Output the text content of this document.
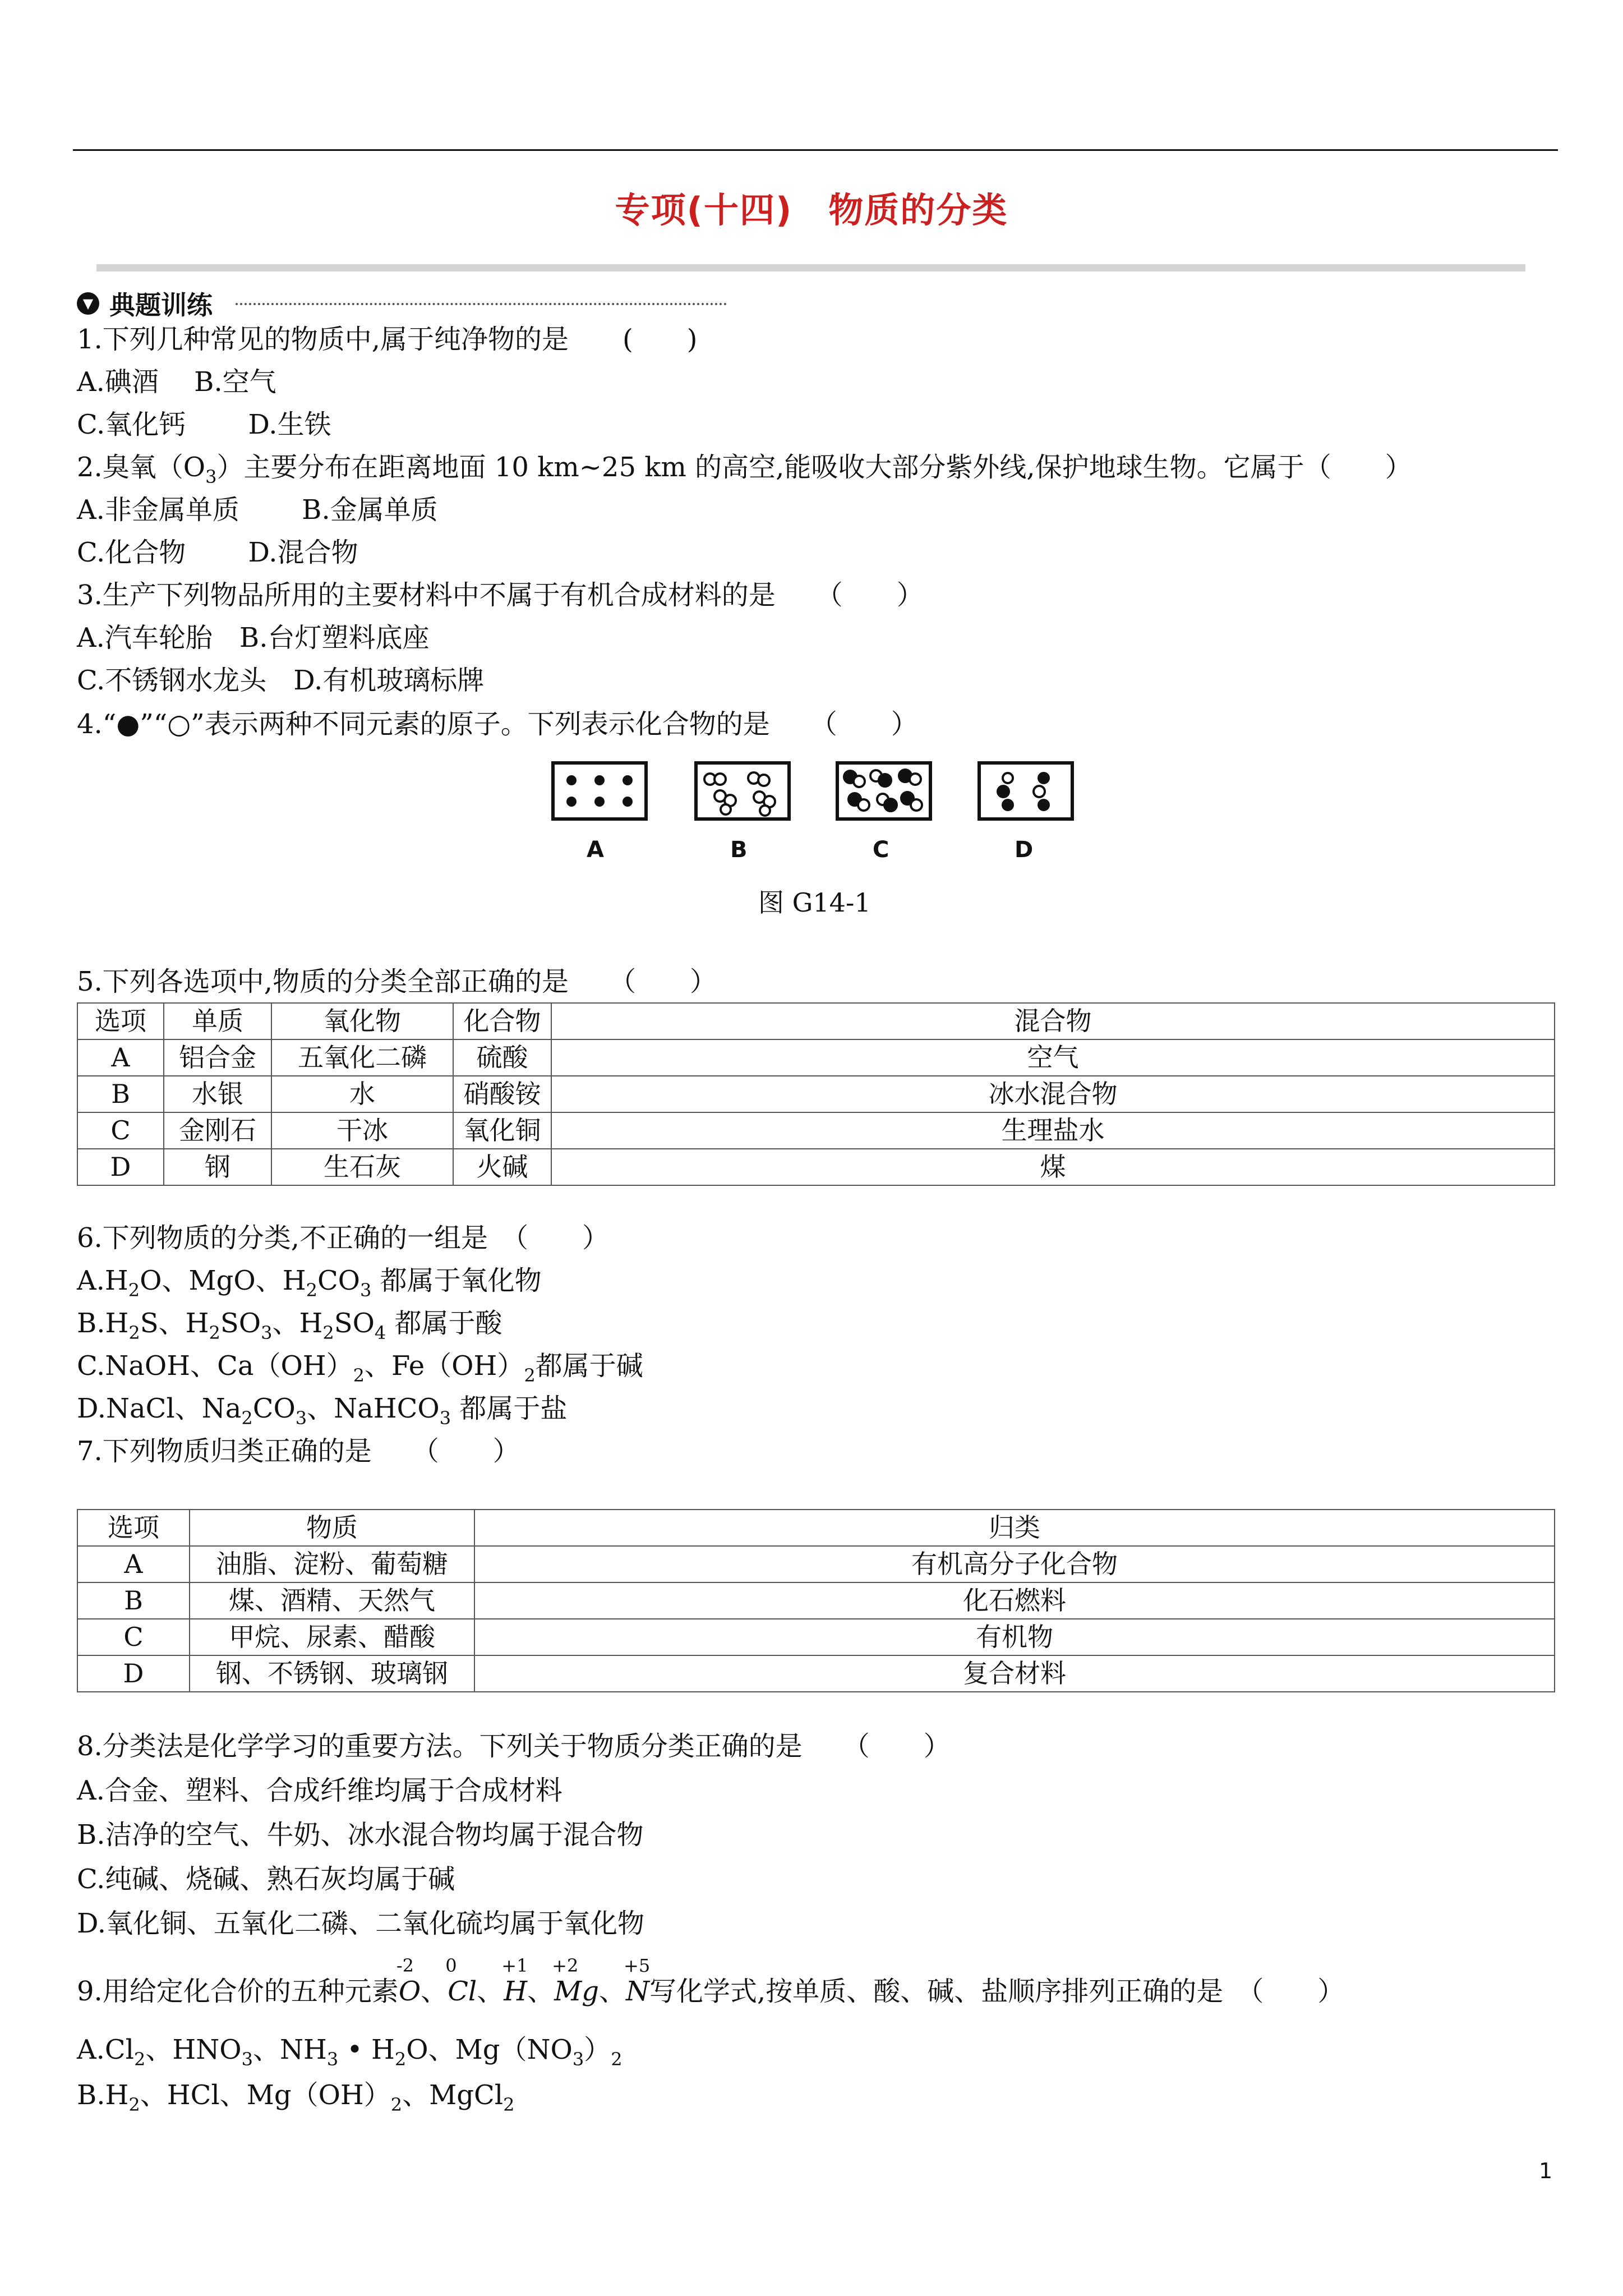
专项(十四)　物质的分类
▼ 典题训练
1.下列几种常见的物质中,属于纯净物的是　　(　　)
A.碘酒　 B.空气
C.氧化钙　　 D.生铁
2.臭氧$(O_3)$主要分布在距离地面 10 km~25 km 的高空,能吸收大部分紫外线,保护地球生物。它属于（　　）
A.非金属单质　　 B.金属单质
C.化合物　　 D.混合物
3.生产下列物品所用的主要材料中不属于有机合成材料的是　　（　　）
A.汽车轮胎　B.台灯塑料底座
C.不锈钢水龙头　D.有机玻璃标牌
4.“●”“○”表示两种不同元素的原子。下列表示化合物的是　　（　　）
A	B	C	D
图 G14-1
5.下列各选项中,物质的分类全部正确的是　　（　　）
选项	单质	氧化物	化合物	混合物
A	铝合金	五氧化二磷	硫酸	空气
B	水银	水	硝酸铵	冰水混合物
C	金刚石	干冰	氧化铜	生理盐水
D	钢	生石灰	火碱	煤
6.下列物质的分类,不正确的一组是　（　　）
$A.H_2O$、MgO、$H_2CO_3$ 都属于氧化物
$B.H_2S$、$H_2SO_3$、$H_2SO_4$ 都属于酸
C.NaOH、$Ca(OH)_2$、$Fe(OH)_2$都属于碱
D.NaCl、$Na_2CO_3$、NaHCO$_3$ 都属于盐
7.下列物质归类正确的是　　（　　）
选项	物质	归类
A	油脂、淀粉、葡萄糖	有机高分子化合物
B	煤、酒精、天然气	化石燃料
C	甲烷、尿素、醋酸	有机物
D	钢、不锈钢、玻璃钢	复合材料
8.分类法是化学学习的重要方法。下列关于物质分类正确的是　　（　　）
A.合金、塑料、合成纤维均属于合成材料
B.洁净的空气、牛奶、冰水混合物均属于混合物
C.纯碱、烧碱、熟石灰均属于碱
D.氧化铜、五氧化二磷、二氧化硫均属于氧化物
9.用给定化合价的五种元素
-2
O、
0
Cl、
+1
H、
+2
Mg、
+5
N写化学式,按单质、酸、碱、盐顺序排列正确的是　（　　）
$A.Cl_2$、$HNO_3$、$NH_3$ • $H_2O$、$Mg(NO_3)_2$
$B.H_2$、HCl、$Mg(OH)_2$、MgCl$_2$
1
